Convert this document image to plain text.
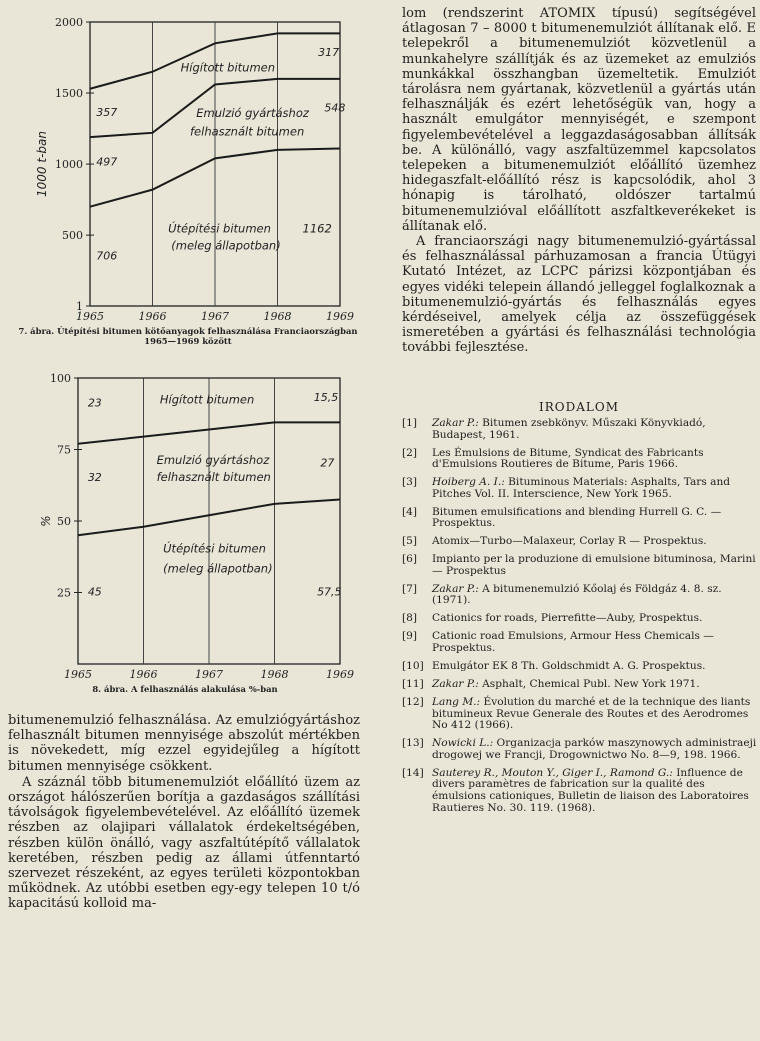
1
500
1000
1500
2000
1965	1966	1967	1968	1969
1000 t-ban
Hígított bitumen
Emulzió gyártáshoz
felhasznált bitumen
Útépítési bitumen	1162
(meleg állapotban)
317
357	548
497
706
7. ábra. Útépítési bitumen kötőanyagok felhasználása Franciaországban
1965—1969 között
25
50
75
100
1965	1966	1967	1968	1969
%
Hígított bitumen
Emulzió gyártáshoz
felhasznált bitumen
Útépítési bitumen
(meleg állapotban)
23	15,5
32
27
45	57,5
8. ábra. A felhasználás alakulása %-ban

bitumenemulzió felhasználása. Az emulziógyártáshoz felhasznált bitumen mennyisége abszolút mértékben is növekedett, míg ezzel egyidejűleg a hígított bitumen mennyisége csökkent.

A száznál több bitumenemulziót előállító üzem az országot hálószerűen borítja a gazdaságos szállítási távolságok figyelembevételével. Az előállító üzemek részben az olajipari vállalatok érdekeltségében, részben külön önálló, vagy aszfaltútépítő vállalatok keretében, részben pedig az állami útfenntartó szervezet részeként, az egyes területi központokban működnek. Az utóbbi esetben egy-egy telepen 10 t/ó kapacitású kolloid ma-

lom (rendszerint ATOMIX típusú) segítségével átlagosan 7 – 8000 t bitumenemulziót állítanak elő. E telepekről a bitumenemulziót közvetlenül a munkahelyre szállítják és az üzemeket az emulziós munkákkal összhangban üzemeltetik. Emulziót tárolásra nem gyártanak, közvetlenül a gyártás után felhasználják és ezért lehetőségük van, hogy a használt emulgátor mennyiségét, e szempont figyelembevételével a leggazdaságosabban állítsák be. A különálló, vagy aszfaltüzemmel kapcsolatos telepeken a bitumenemulziót előállító üzemhez hidegaszfalt-előállító rész is kapcsolódik, ahol 3 hónapig is tárolható, oldószer tartalmú bitumenemulzióval előállított aszfaltkeverékeket is állítanak elő.

A franciaországi nagy bitumenemulzió-gyártással és felhasználással párhuzamosan a francia Útügyi Kutató Intézet, az LCPC párizsi központjában és egyes vidéki telepein állandó jelleggel foglalkoznak a bitumenemulzió-gyártás és felhasználás egyes kérdéseivel, amelyek célja az összefüggések ismeretében a gyártási és felhasználási technológia további fejlesztése.

IRODALOM
[1]	Zakar P.: Bitumen zsebkönyv. Műszaki Könyvkiadó, Budapest, 1961.
[2]	Les Émulsions de Bitume, Syndicat des Fabricants d'Emulsions Routieres de Bitume, Paris 1966.
[3]	Hoiberg A. I.: Bituminous Materials: Asphalts, Tars and Pitches Vol. II. Interscience, New York 1965.
[4]	Bitumen emulsifications and blending Hurrell G. C. — Prospektus.
[5]	Atomix—Turbo—Malaxeur, Corlay R — Prospektus.
[6]	Impianto per la produzione di emulsione bituminosa, Marini — Prospektus
[7]	Zakar P.: A bitumenemulzió Kőolaj és Földgáz 4. 8. sz. (1971).
[8]	Cationics for roads, Pierrefitte—Auby, Prospektus.
[9]	Cationic road Emulsions, Armour Hess Chemicals — Prospektus.
[10] Emulgátor EK 8 Th. Goldschmidt A. G. Prospektus.
[11] Zakar P.: Asphalt, Chemical Publ. New York 1971.
[12] Lang M.: Évolution du marché et de la technique des liants bitumineux Revue Generale des Routes et des Aerodromes No 412 (1966).
[13] Nowicki L.: Organizacja parków maszynowych administraeji drogowej we Francji, Drogownictwo No. 8—9, 198. 1966.
[14] Sauterey R., Mouton Y., Giger I., Ramond G.: Influence de divers paramètres de fabrication sur la qualité des émulsions cationiques, Bulletin de liaison des Laboratoires Rautieres No. 30. 119. (1968).
